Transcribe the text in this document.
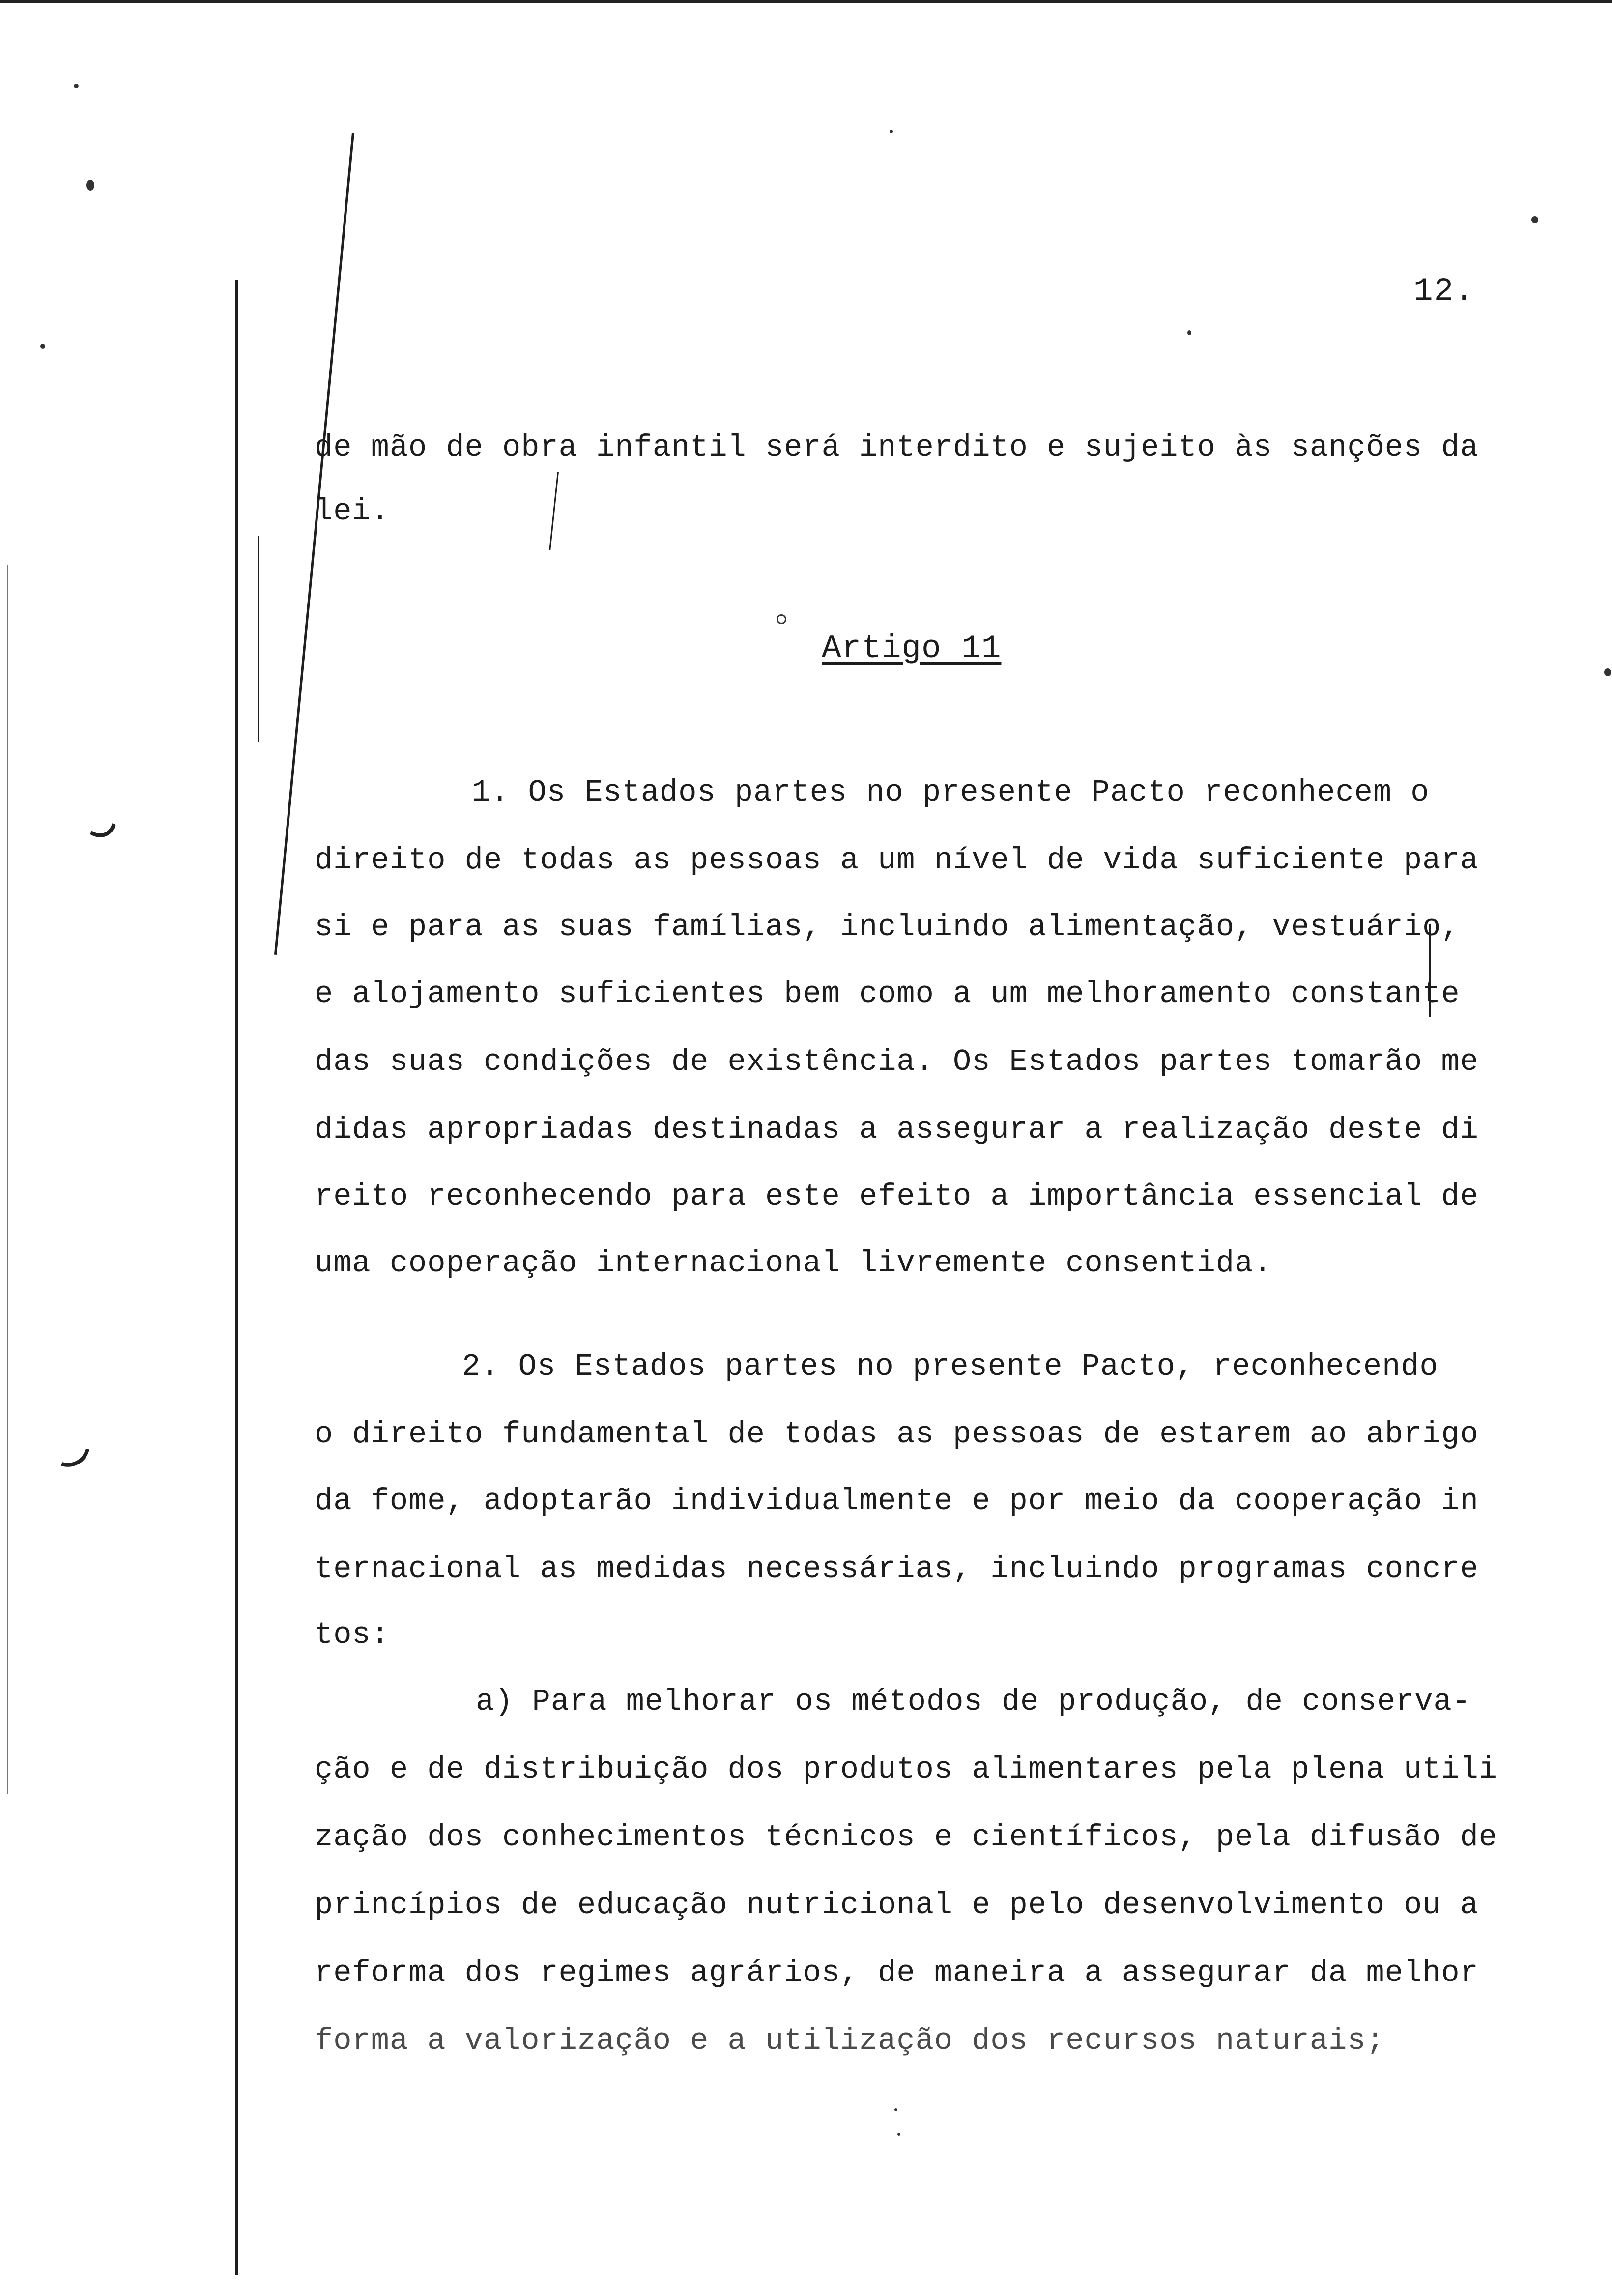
12.
de mão de obra infantil será interdito e sujeito às sanções da
lei.
Artigo 11
1. Os Estados partes no presente Pacto reconhecem o
direito de todas as pessoas a um nível de vida suficiente para
si e para as suas famílias, incluindo alimentação, vestuário,
e alojamento suficientes bem como a um melhoramento constante
das suas condições de existência. Os Estados partes tomarão me
didas apropriadas destinadas a assegurar a realização deste di
reito reconhecendo para este efeito a importância essencial de
uma cooperação internacional livremente consentida.
2. Os Estados partes no presente Pacto, reconhecendo
o direito fundamental de todas as pessoas de estarem ao abrigo
da fome, adoptarão individualmente e por meio da cooperação in
ternacional as medidas necessárias, incluindo programas concre
tos:
a) Para melhorar os métodos de produção, de conserva-
ção e de distribuição dos produtos alimentares pela plena utili
zação dos conhecimentos técnicos e científicos, pela difusão de
princípios de educação nutricional e pelo desenvolvimento ou a
reforma dos regimes agrários, de maneira a assegurar da melhor
forma a valorização e a utilização dos recursos naturais;
